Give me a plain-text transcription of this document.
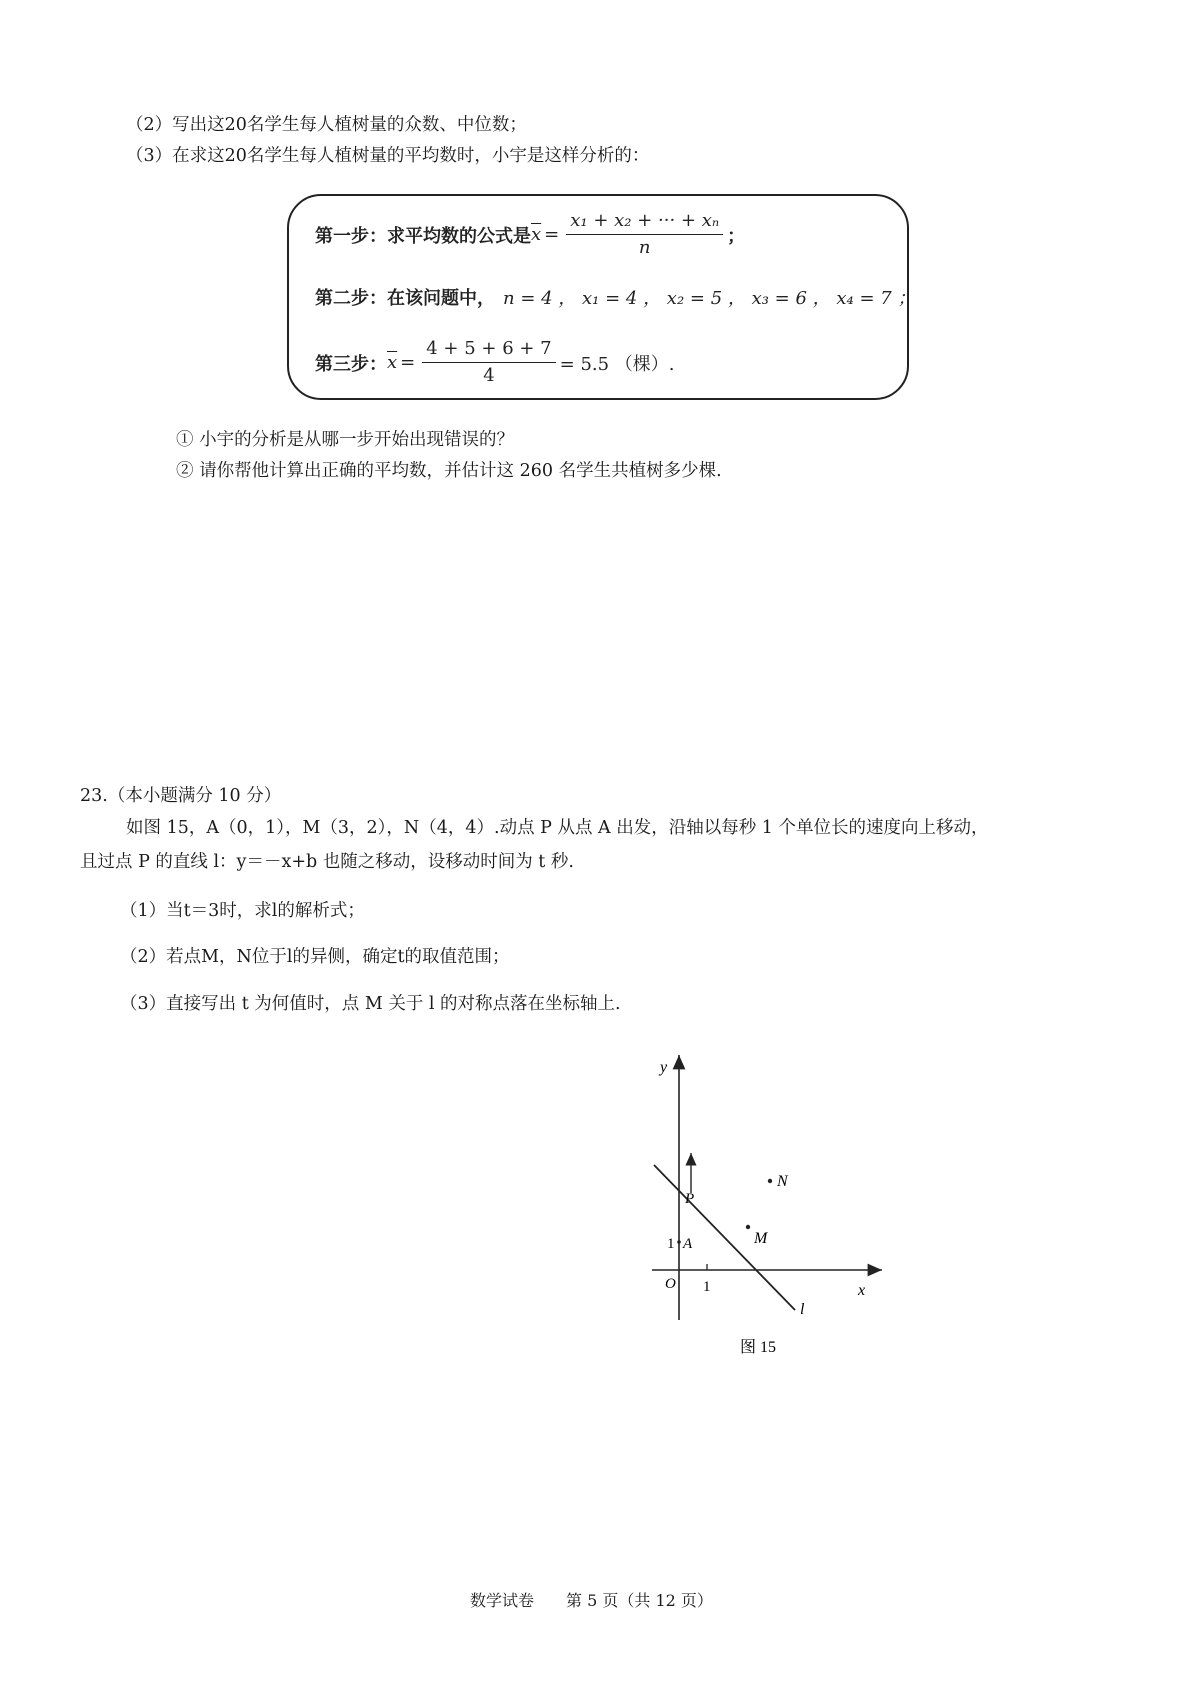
（2）写出这20名学生每人植树量的众数、中位数；
（3）在求这20名学生每人植树量的平均数时，小宇是这样分析的：
第一步：求平均数的公式是 $\overline{x} = \frac{\text{x₁ + x₂ + ··· + xₙ}}{n}$ ；
第二步：在该问题中， n = 4 ， x₁ = 4 ， x₂ = 5 ， x₃ = 6 ， x₄ = 7 ；
第三步： $\overline{x} = \frac{4 + 5 + 6 + 7}{4} = 5.5$ （棵）.
① 小宇的分析是从哪一步开始出现错误的？
② 请你帮他计算出正确的平均数，并估计这 260 名学生共植树多少棵.
23.（本小题满分 10 分）
如图 15，A（0，1），M（3，2），N（4，4）.动点 P 从点 A 出发，沿轴以每秒 1 个单位长的速度向上移动，
且过点 P 的直线 l：y＝－x+b 也随之移动，设移动时间为 t 秒.
（1）当t＝3时，求l的解析式；
（2）若点M，N位于l的异侧，确定t的取值范围；
（3）直接写出 t 为何值时，点 M 关于 l 的对称点落在坐标轴上.
y
x
O 1
1 A
P
M
N
l
图 15
数学试卷　　第 5 页（共 12 页）
